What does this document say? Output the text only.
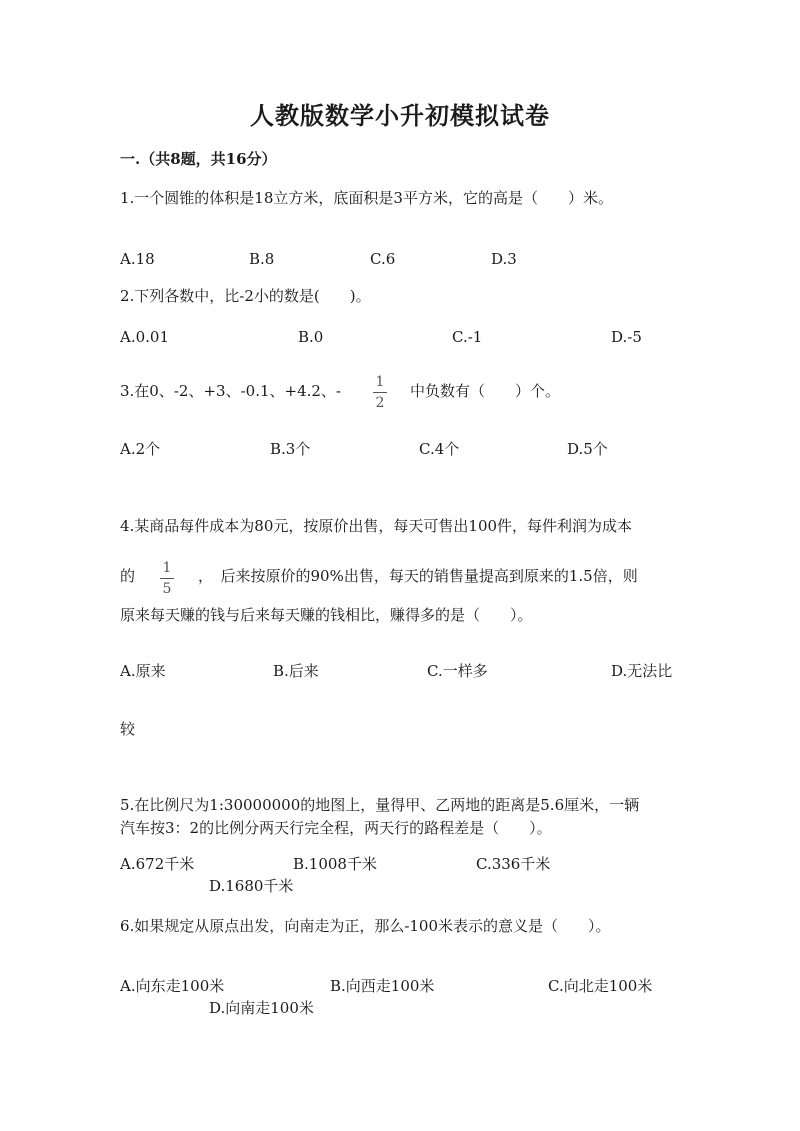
人教版数学小升初模拟试卷
一.（共8题，共16分）
1.一个圆锥的体积是18立方米，底面积是3平方米，它的高是（　　）米。
A.18	B.8	C.6	D.3
2.下列各数中，比-2小的数是(　　)。
A.0.01	B.0	C.-1	D.-5
3.在0、-2、+3、-0.1、+4.2、- 1
2
中负数有（　　）个。
A.2个	B.3个	C.4个	D.5个
4.某商品每件成本为80元，按原价出售，每天可售出100件，每件利润为成本
的 1
5
，　后来按原价的90%出售，每天的销售量提高到原来的1.5倍，则
原来每天赚的钱与后来每天赚的钱相比，赚得多的是（　　）。
A.原来	B.后来	C.一样多	D.无法比
较
5.在比例尺为1:30000000的地图上，量得甲、乙两地的距离是5.6厘米，一辆
汽车按3：2的比例分两天行完全程，两天行的路程差是（　　）。
A.672千米	B.1008千米	C.336千米
D.1680千米
6.如果规定从原点出发，向南走为正，那么-100米表示的意义是（　　）。
A.向东走100米	B.向西走100米	C.向北走100米
D.向南走100米
